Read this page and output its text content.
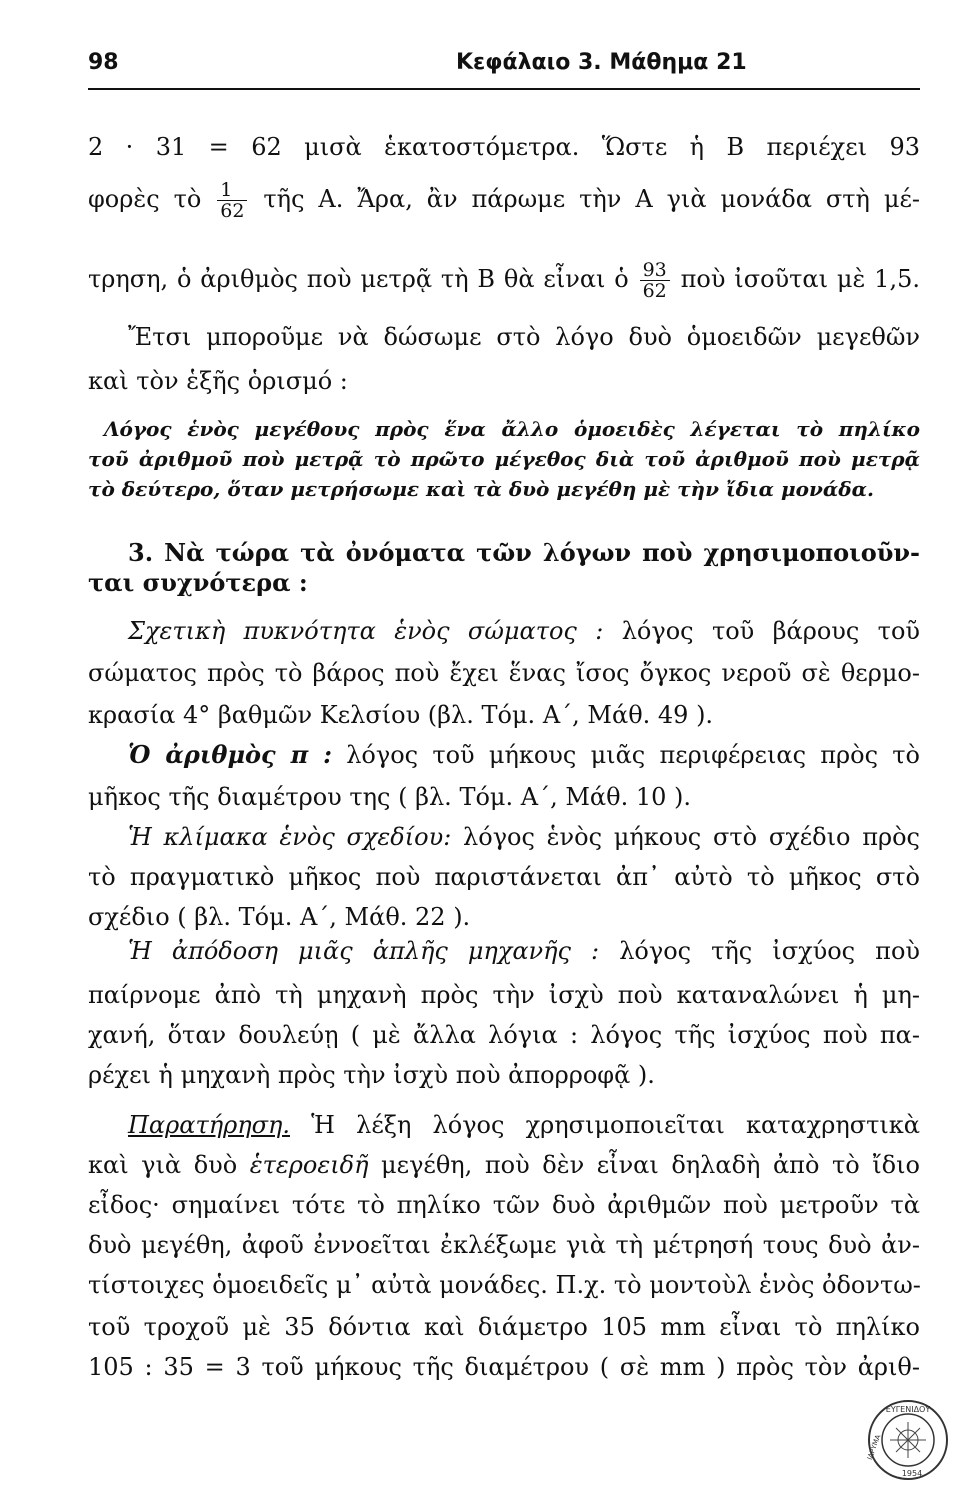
98	Κεφάλαιο 3. Μάθημα 21
2 · 31 = 62 μισὰ ἑκατοστόμετρα. Ὥστε ἡ Β περιέχει 93
φορὲς τὸ $\frac{1}{62}$ τῆς Α. Ἄρα, ἂν πάρωμε τὴν Α γιὰ μονάδα στὴ μέ-
τρηση, ὁ ἀριθμὸς ποὺ μετρᾷ τὴ Β θὰ εἶναι ὁ $\frac{93}{62}$ ποὺ ἰσοῦται μὲ 1,5.
Ἔτσι μποροῦμε νὰ δώσωμε στὸ λόγο δυὸ ὁμοειδῶν μεγεθῶν
καὶ τὸν ἑξῆς ὁρισμό :
Λόγος ἑνὸς μεγέθους πρὸς ἕνα ἄλλο ὁμοειδὲς λέγεται τὸ πηλίκο
τοῦ ἀριθμοῦ ποὺ μετρᾷ τὸ πρῶτο μέγεθος διὰ τοῦ ἀριθμοῦ ποὺ μετρᾷ
τὸ δεύτερο, ὅταν μετρήσωμε καὶ τὰ δυὸ μεγέθη μὲ τὴν ἴδια μονάδα.
3. Νὰ τώρα τὰ ὀνόματα τῶν λόγων ποὺ χρησιμοποιοῦν-
ται συχνότερα :
Σχετικὴ πυκνότητα ἑνὸς σώματος : λόγος τοῦ βάρους τοῦ
σώματος πρὸς τὸ βάρος ποὺ ἔχει ἕνας ἴσος ὄγκος νεροῦ σὲ θερμο-
κρασία 4° βαθμῶν Κελσίου (βλ. Τόμ. Α΄, Μάθ. 49 ).
Ὁ ἀριθμὸς π : λόγος τοῦ μήκους μιᾶς περιφέρειας πρὸς τὸ
μῆκος τῆς διαμέτρου της ( βλ. Τόμ. Α΄, Μάθ. 10 ).
Ἡ κλίμακα ἑνὸς σχεδίου: λόγος ἑνὸς μήκους στὸ σχέδιο πρὸς
τὸ πραγματικὸ μῆκος ποὺ παριστάνεται ἀπ᾿ αὐτὸ τὸ μῆκος στὸ
σχέδιο ( βλ. Τόμ. Α΄, Μάθ. 22 ).
Ἡ ἀπόδοση μιᾶς ἁπλῆς μηχανῆς : λόγος τῆς ἰσχύος ποὺ
παίρνομε ἀπὸ τὴ μηχανὴ πρὸς τὴν ἰσχὺ ποὺ καταναλώνει ἡ μη-
χανή, ὅταν δουλεύῃ ( μὲ ἄλλα λόγια : λόγος τῆς ἰσχύος ποὺ πα-
ρέχει ἡ μηχανὴ πρὸς τὴν ἰσχὺ ποὺ ἀπορροφᾷ ).
Παρατήρηση. Ἡ λέξη λόγος χρησιμοποιεῖται καταχρηστικὰ
καὶ γιὰ δυὸ ἑτεροειδῆ μεγέθη, ποὺ δὲν εἶναι δηλαδὴ ἀπὸ τὸ ἴδιο
εἶδος· σημαίνει τότε τὸ πηλίκο τῶν δυὸ ἀριθμῶν ποὺ μετροῦν τὰ
δυὸ μεγέθη, ἀφοῦ ἐννοεῖται ἐκλέξωμε γιὰ τὴ μέτρησή τους δυὸ ἀν-
τίστοιχες ὁμοειδεῖς μ᾿ αὐτὰ μονάδες. Π.χ. τὸ μοντοὺλ ἑνὸς ὀδοντω-
τοῦ τροχοῦ μὲ 35 δόντια καὶ διάμετρο 105 mm εἶναι τὸ πηλίκο
105 : 35 = 3 τοῦ μήκους τῆς διαμέτρου ( σὲ mm ) πρὸς τὸν ἀριθ-
ΕΥΓΕΝΙΔΟΥ
ΙΔΡΥΜΑ
1954
